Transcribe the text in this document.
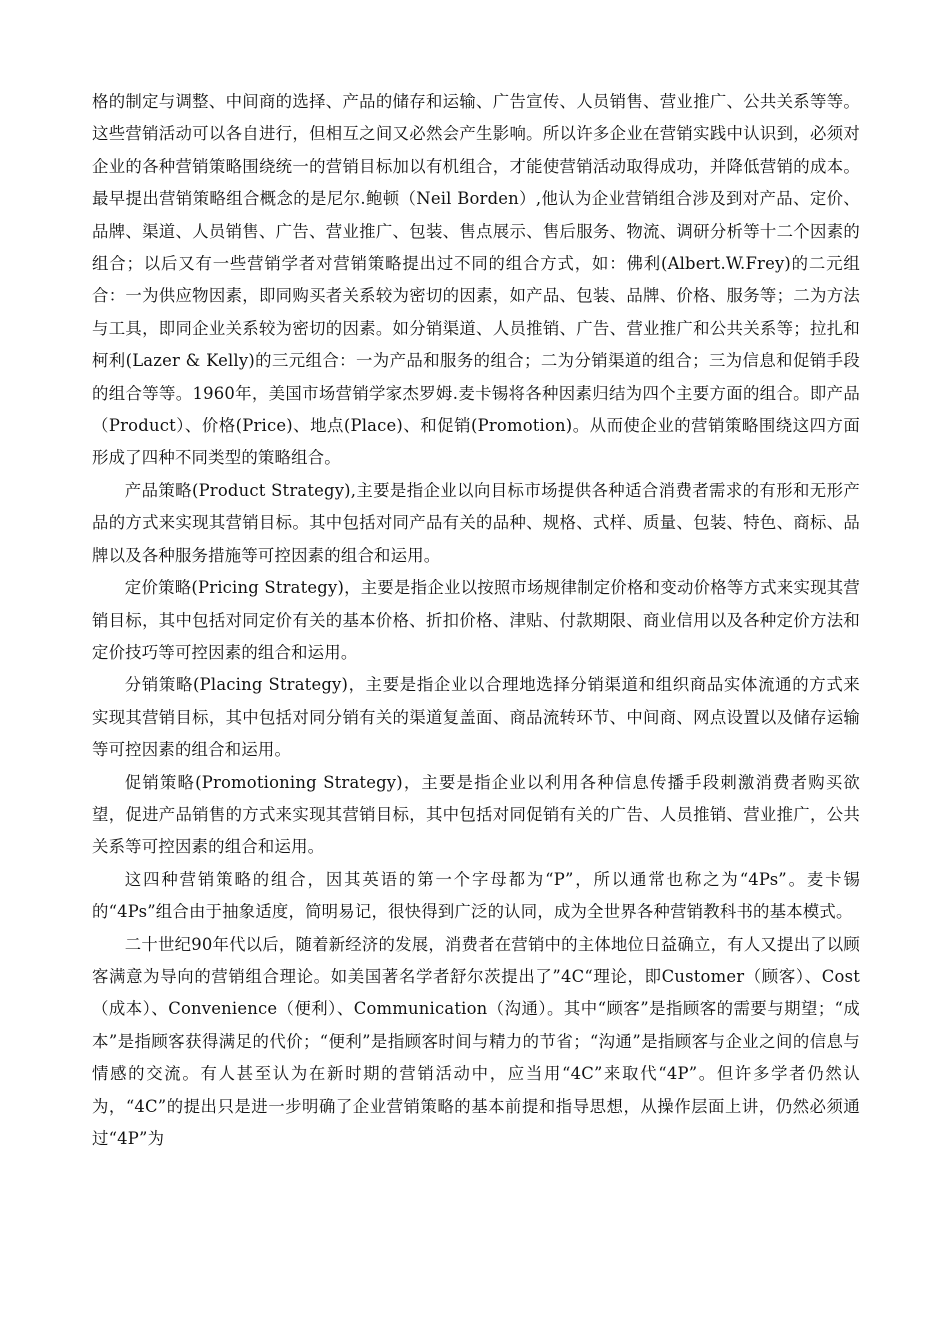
格的制定与调整、中间商的选择、产品的储存和运输、广告宣传、人员销售、营业推广、公共关系等等。这些营销活动可以各自进行，但相互之间又必然会产生影响。所以许多企业在营销实践中认识到，必须对企业的各种营销策略围绕统一的营销目标加以有机组合，才能使营销活动取得成功，并降低营销的成本。最早提出营销策略组合概念的是尼尔.鲍顿（Neil Borden）,他认为企业营销组合涉及到对产品、定价、品牌、渠道、人员销售、广告、营业推广、包装、售点展示、售后服务、物流、调研分析等十二个因素的组合；以后又有一些营销学者对营销策略提出过不同的组合方式，如：佛利(Albert.W.Frey)的二元组合：一为供应物因素，即同购买者关系较为密切的因素，如产品、包装、品牌、价格、服务等；二为方法与工具，即同企业关系较为密切的因素。如分销渠道、人员推销、广告、营业推广和公共关系等；拉扎和柯利(Lazer & Kelly)的三元组合：一为产品和服务的组合；二为分销渠道的组合；三为信息和促销手段的组合等等。1960年，美国市场营销学家杰罗姆.麦卡锡将各种因素归结为四个主要方面的组合。即产品（Product）、价格(Price)、地点(Place)、和促销(Promotion)。从而使企业的营销策略围绕这四方面形成了四种不同类型的策略组合。

产品策略(Product Strategy),主要是指企业以向目标市场提供各种适合消费者需求的有形和无形产品的方式来实现其营销目标。其中包括对同产品有关的品种、规格、式样、质量、包装、特色、商标、品牌以及各种服务措施等可控因素的组合和运用。

定价策略(Pricing Strategy)，主要是指企业以按照市场规律制定价格和变动价格等方式来实现其营销目标，其中包括对同定价有关的基本价格、折扣价格、津贴、付款期限、商业信用以及各种定价方法和定价技巧等可控因素的组合和运用。

分销策略(Placing Strategy)，主要是指企业以合理地选择分销渠道和组织商品实体流通的方式来实现其营销目标，其中包括对同分销有关的渠道复盖面、商品流转环节、中间商、网点设置以及储存运输等可控因素的组合和运用。

促销策略(Promotioning Strategy)，主要是指企业以利用各种信息传播手段刺激消费者购买欲望，促进产品销售的方式来实现其营销目标，其中包括对同促销有关的广告、人员推销、营业推广，公共关系等可控因素的组合和运用。

这四种营销策略的组合，因其英语的第一个字母都为“P”，所以通常也称之为“4Ps”。麦卡锡的“4Ps”组合由于抽象适度，简明易记，很快得到广泛的认同，成为全世界各种营销教科书的基本模式。

二十世纪90年代以后，随着新经济的发展，消费者在营销中的主体地位日益确立，有人又提出了以顾客满意为导向的营销组合理论。如美国著名学者舒尔茨提出了”4C“理论，即Customer（顾客）、Cost（成本）、Convenience（便利）、Communication（沟通）。其中“顾客”是指顾客的需要与期望；“成本”是指顾客获得满足的代价；“便利”是指顾客时间与精力的节省；“沟通”是指顾客与企业之间的信息与情感的交流。有人甚至认为在新时期的营销活动中，应当用“4C”来取代“4P”。但许多学者仍然认为，“4C”的提出只是进一步明确了企业营销策略的基本前提和指导思想，从操作层面上讲，仍然必须通过“4P”为
